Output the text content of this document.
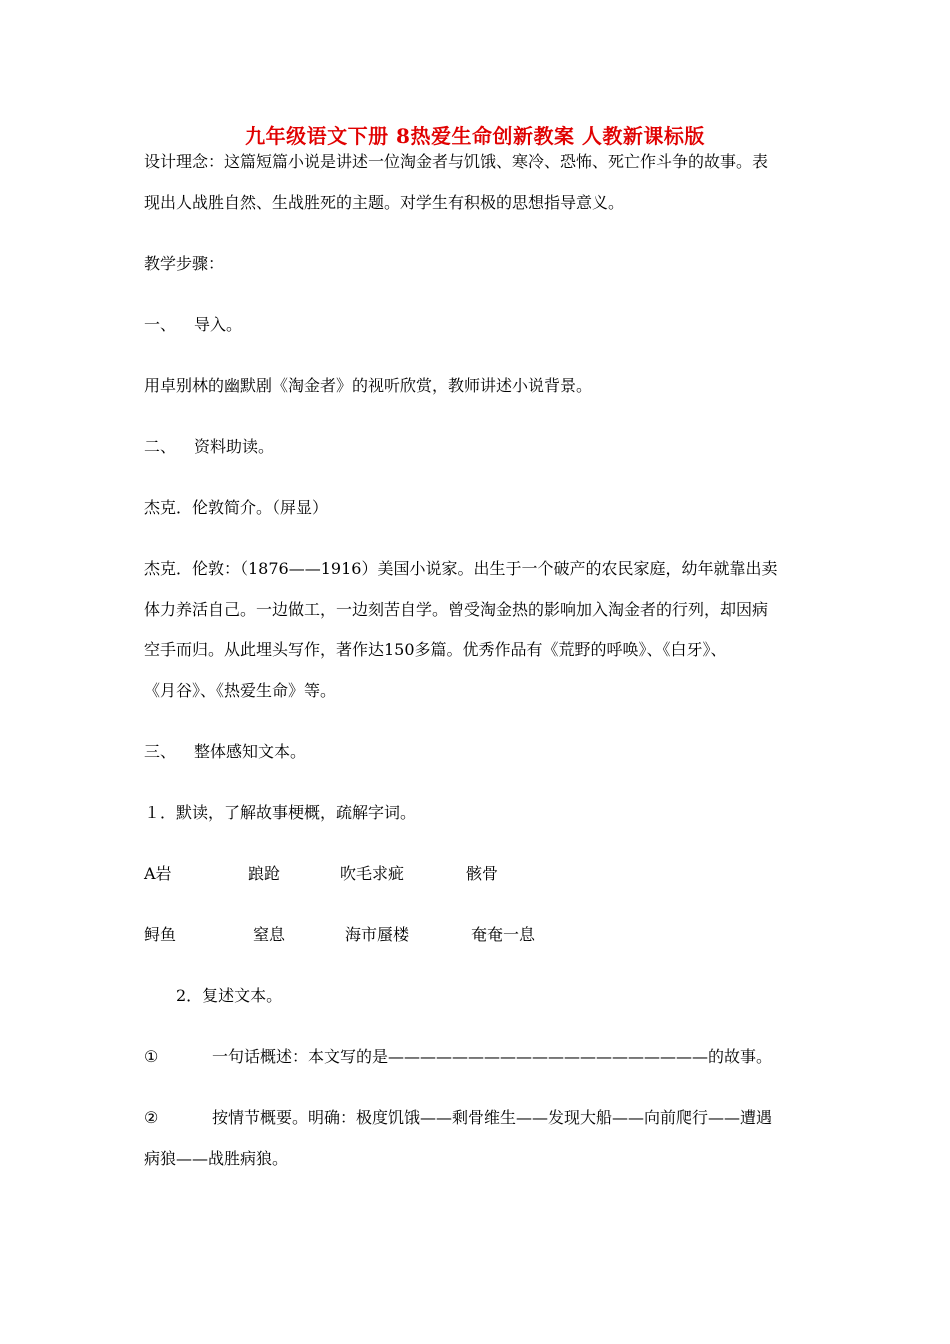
九年级语文下册 8热爱生命创新教案 人教新课标版
设计理念：这篇短篇小说是讲述一位淘金者与饥饿、寒冷、恐怖、死亡作斗争的故事。表
现出人战胜自然、生战胜死的主题。对学生有积极的思想指导意义。
教学步骤：
一、 导入。
用卓别林的幽默剧《淘金者》的视听欣赏，教师讲述小说背景。
二、 资料助读。
杰克．伦敦简介。（屏显）
杰克．伦敦：（1876——1916）美国小说家。出生于一个破产的农民家庭，幼年就靠出卖
体力养活自己。一边做工，一边刻苦自学。曾受淘金热的影响加入淘金者的行列，却因病
空手而归。从此埋头写作，著作达150多篇。优秀作品有《荒野的呼唤》、《白牙》、
《月谷》、《热爱生命》等。
三、 整体感知文本。
１．默读，了解故事梗概，疏解字词。
A岩	踉跄	吹毛求疵	骸骨
鲟鱼	窒息	海市蜃楼	奄奄一息
2．复述文本。
①	一句话概述：本文写的是————————————————————的故事。
②	按情节概要。明确：极度饥饿——剩骨维生——发现大船——向前爬行——遭遇
病狼——战胜病狼。
